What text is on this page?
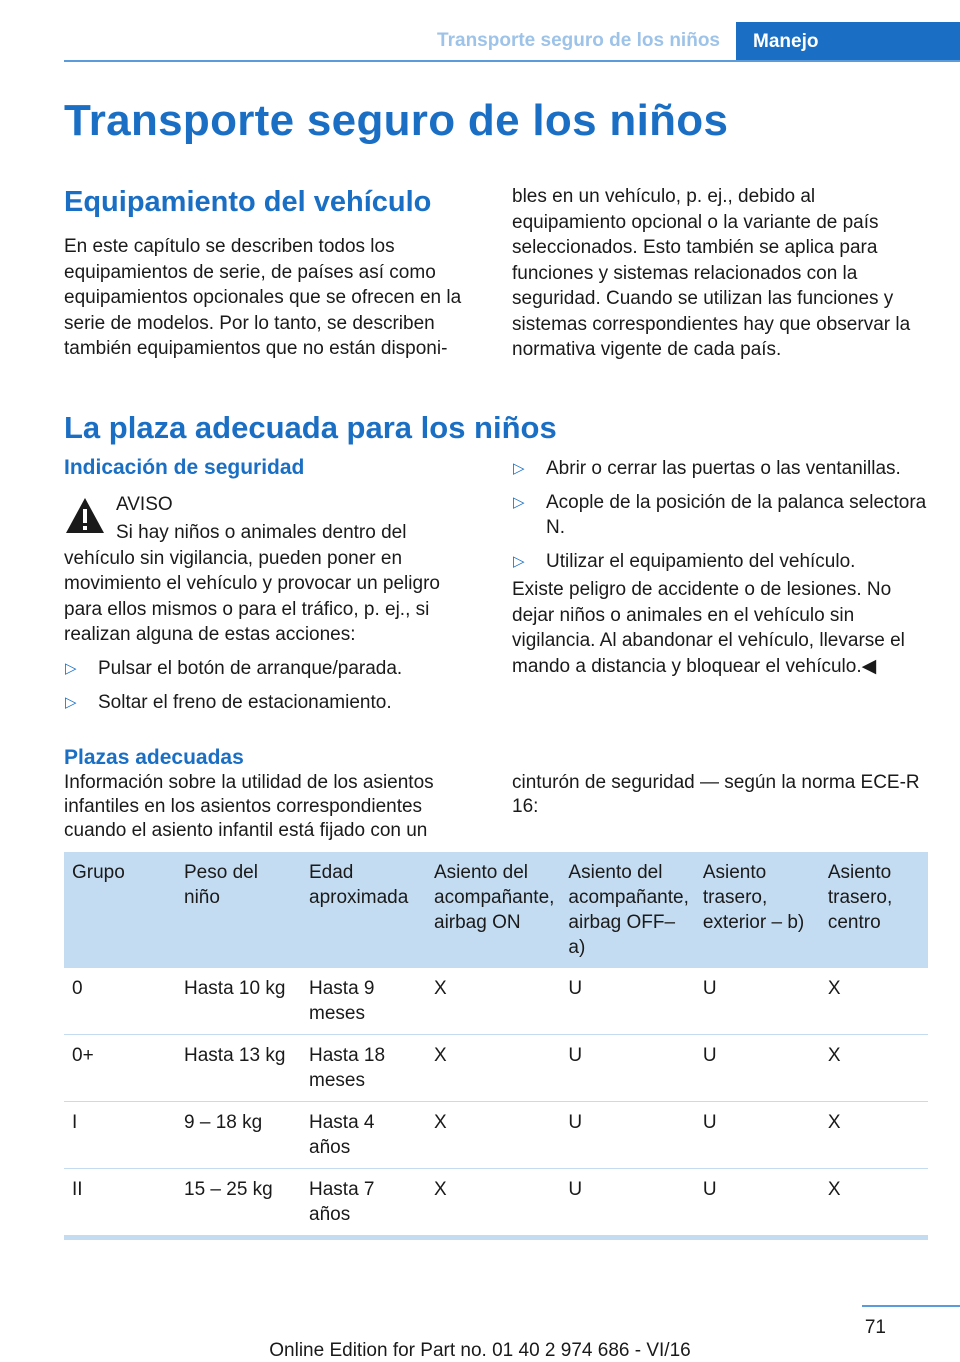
Transporte seguro de los niños	Manejo
Transporte seguro de los niños
Equipamiento del vehículo

En este capítulo se describen todos los equipamientos de serie, de países así como equipamientos opcionales que se ofrecen en la serie de modelos. Por lo tanto, se describen también equipamientos que no están disponi-

bles en un vehículo, p. ej., debido al equipamiento opcional o la variante de país seleccionados. Esto también se aplica para funciones y sistemas relacionados con la seguridad. Cuando se utilizan las funciones y sistemas correspondientes hay que observar la normativa vigente de cada país.

La plaza adecuada para los niños
Indicación de seguridad

AVISO

Si hay niños o animales dentro del vehículo sin vigilancia, pueden poner en movimiento el vehículo y provocar un peligro para ellos mismos o para el tráfico, p. ej., si realizan alguna de estas acciones:

▷ Pulsar el botón de arranque/parada.
▷ Soltar el freno de estacionamiento.
▷ Abrir o cerrar las puertas o las ventanillas.
▷ Acople de la posición de la palanca selectora N.
▷ Utilizar el equipamiento del vehículo.

Existe peligro de accidente o de lesiones. No dejar niños o animales en el vehículo sin vigilancia. Al abandonar el vehículo, llevarse el mando a distancia y bloquear el vehículo.◀

Plazas adecuadas

Información sobre la utilidad de los asientos infantiles en los asientos correspondientes cuando el asiento infantil está fijado con un

cinturón de seguridad — según la norma ECE-R 16:

Grupo	Peso del niño	Edad aproximada	Asiento del acompañante, airbag ON	Asiento del acompañante, airbag OFF– a)	Asiento trasero, exterior – b)	Asiento trasero, centro
0	Hasta 10 kg	Hasta 9 meses	X	U	U	X
0+	Hasta 13 kg	Hasta 18 meses	X	U	U	X
I	9 – 18 kg	Hasta 4 años	X	U	U	X
II	15 – 25 kg	Hasta 7 años	X	U	U	X
71
Online Edition for Part no. 01 40 2 974 686 - VI/16
